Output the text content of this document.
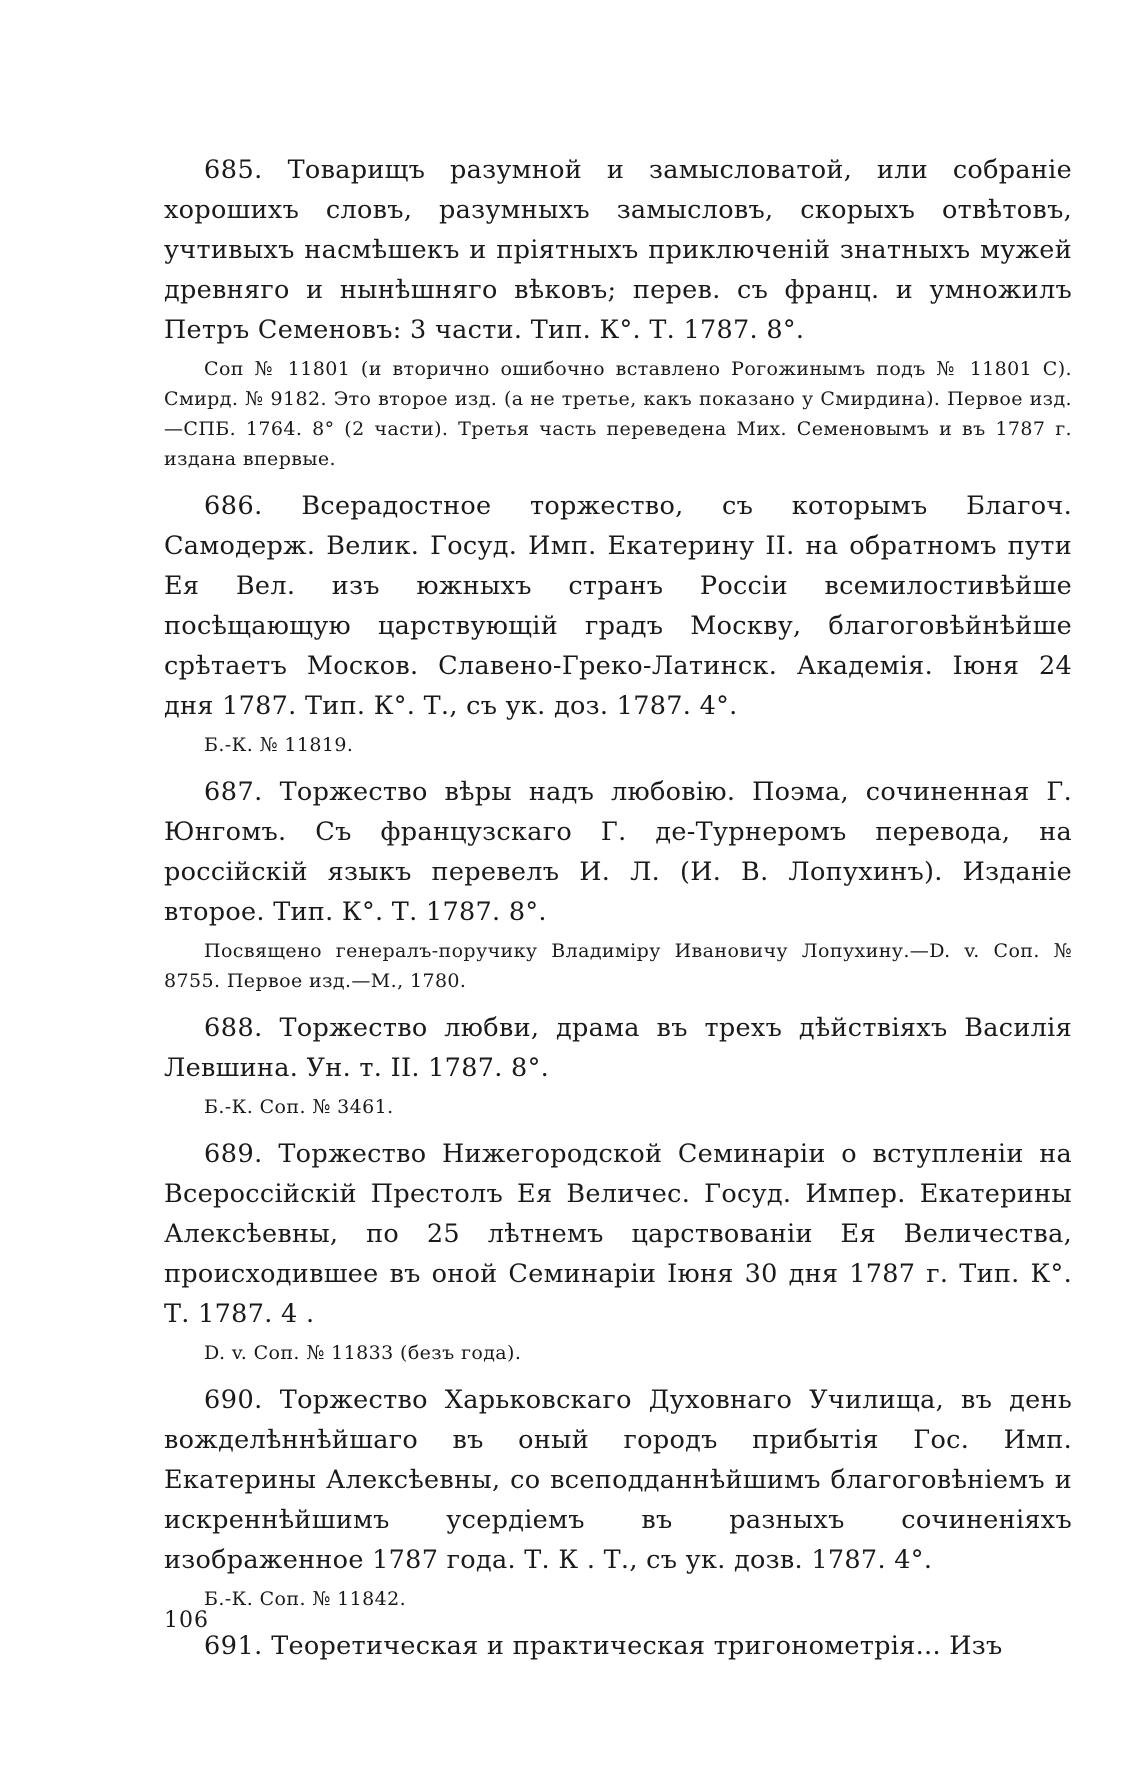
685. Товарищъ разумной и замысловатой, или собраніе хорошихъ словъ, разумныхъ замысловъ, скорыхъ отвѣтовъ, учтивыхъ насмѣшекъ и пріятныхъ приключеній знатныхъ мужей древняго и нынѣшняго вѣковъ; перев. съ франц. и умножилъ Петръ Семеновъ: 3 части. Тип. К°. Т. 1787. 8°.

Соп № 11801 (и вторично ошибочно вставлено Рогожинымъ подъ № 11801 С). Смирд. № 9182. Это второе изд. (а не третье, какъ показано у Смирдина). Первое изд.—СПБ. 1764. 8° (2 части). Третья часть переведена Мих. Семеновымъ и въ 1787 г. издана впервые.

686. Всерадостное торжество, съ которымъ Благоч. Самодерж. Велик. Госуд. Имп. Екатерину II. на обратномъ пути Ея Вел. изъ южныхъ странъ Россіи всемилостивѣйше посѣщающую царствующій градъ Москву, благоговѣйнѣйше срѣтаетъ Москов. Славено-Греко-Латинск. Академія. Іюня 24 дня 1787. Тип. К°. Т., съ ук. доз. 1787. 4°.

Б.-К. № 11819.

687. Торжество вѣры надъ любовію. Поэма, сочиненная Г. Юнгомъ. Съ французскаго Г. де-Турнеромъ перевода, на россійскій языкъ перевелъ И. Л. (И. В. Лопухинъ). Изданіе второе. Тип. К°. Т. 1787. 8°.

Посвящено генералъ-поручику Владиміру Ивановичу Лопухину.—D. v. Соп. № 8755. Первое изд.—М., 1780.

688. Торжество любви, драма въ трехъ дѣйствіяхъ Василія Левшина. Ун. т. II. 1787. 8°.

Б.-К. Соп. № 3461.

689. Торжество Нижегородской Семинаріи о вступленіи на Всероссійскій Престолъ Ея Величес. Госуд. Импер. Екатерины Алексѣевны, по 25 лѣтнемъ царствованіи Ея Величества, происходившее въ оной Семинаріи Іюня 30 дня 1787 г. Тип. К°. Т. 1787. 4 .

D. v. Соп. № 11833 (безъ года).

690. Торжество Харьковскаго Духовнаго Училища, въ день вожделѣннѣйшаго въ оный городъ прибытія Гос. Имп. Екатерины Алексѣевны, со всеподданнѣйшимъ благоговѣніемъ и искреннѣйшимъ усердіемъ въ разныхъ сочиненіяхъ изображенное 1787 года. Т. К . Т., съ ук. дозв. 1787. 4°.

Б.-К. Соп. № 11842.

691. Теоретическая и практическая тригонометрія... Изъ

106
